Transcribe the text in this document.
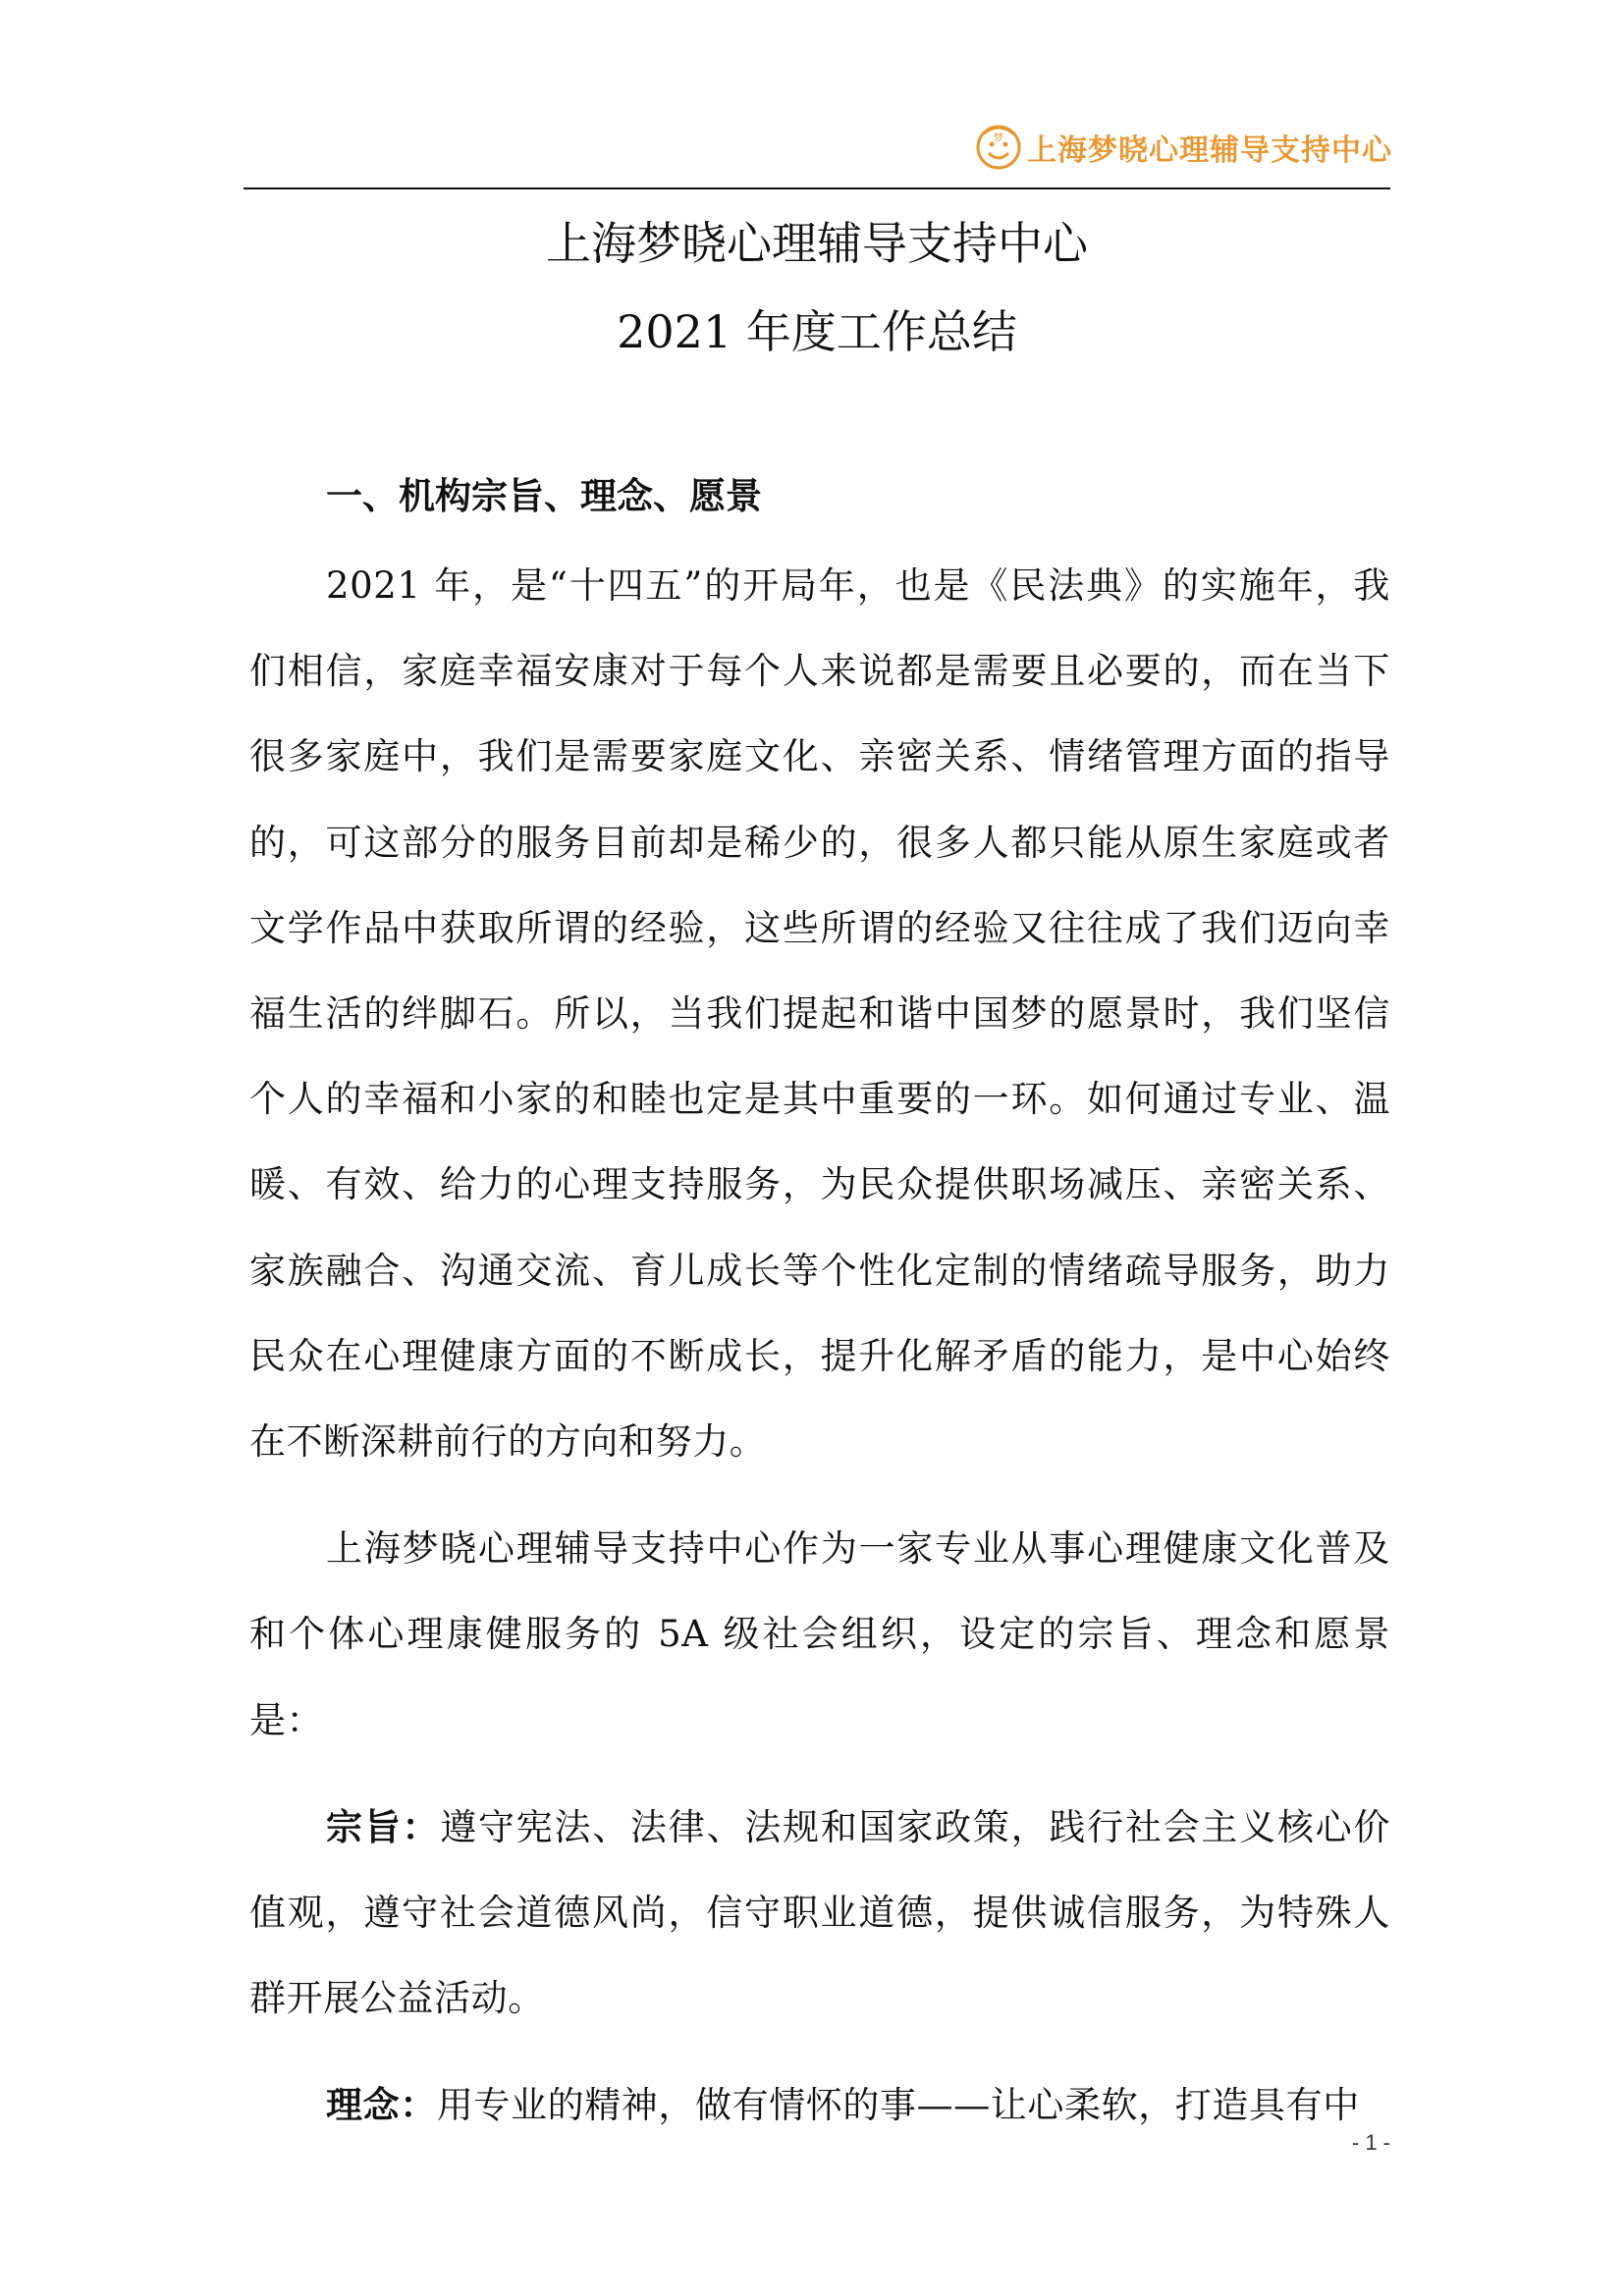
梦 上海梦晓心理辅导支持中心
上海梦晓心理辅导支持中心
2021 年度工作总结
一、机构宗旨、理念、愿景

2021 年，是“十四五”的开局年，也是《民法典》的实施年，我们相信，家庭幸福安康对于每个人来说都是需要且必要的，而在当下很多家庭中，我们是需要家庭文化、亲密关系、情绪管理方面的指导的，可这部分的服务目前却是稀少的，很多人都只能从原生家庭或者文学作品中获取所谓的经验，这些所谓的经验又往往成了我们迈向幸福生活的绊脚石。所以，当我们提起和谐中国梦的愿景时，我们坚信个人的幸福和小家的和睦也定是其中重要的一环。如何通过专业、温暖、有效、给力的心理支持服务，为民众提供职场减压、亲密关系、家族融合、沟通交流、育儿成长等个性化定制的情绪疏导服务，助力民众在心理健康方面的不断成长，提升化解矛盾的能力，是中心始终在不断深耕前行的方向和努力。

上海梦晓心理辅导支持中心作为一家专业从事心理健康文化普及和个体心理康健服务的 5A 级社会组织，设定的宗旨、理念和愿景是：

宗旨：遵守宪法、法律、法规和国家政策，践行社会主义核心价值观，遵守社会道德风尚，信守职业道德，提供诚信服务，为特殊人群开展公益活动。

理念：用专业的精神，做有情怀的事——让心柔软，打造具有中

- 1 -
